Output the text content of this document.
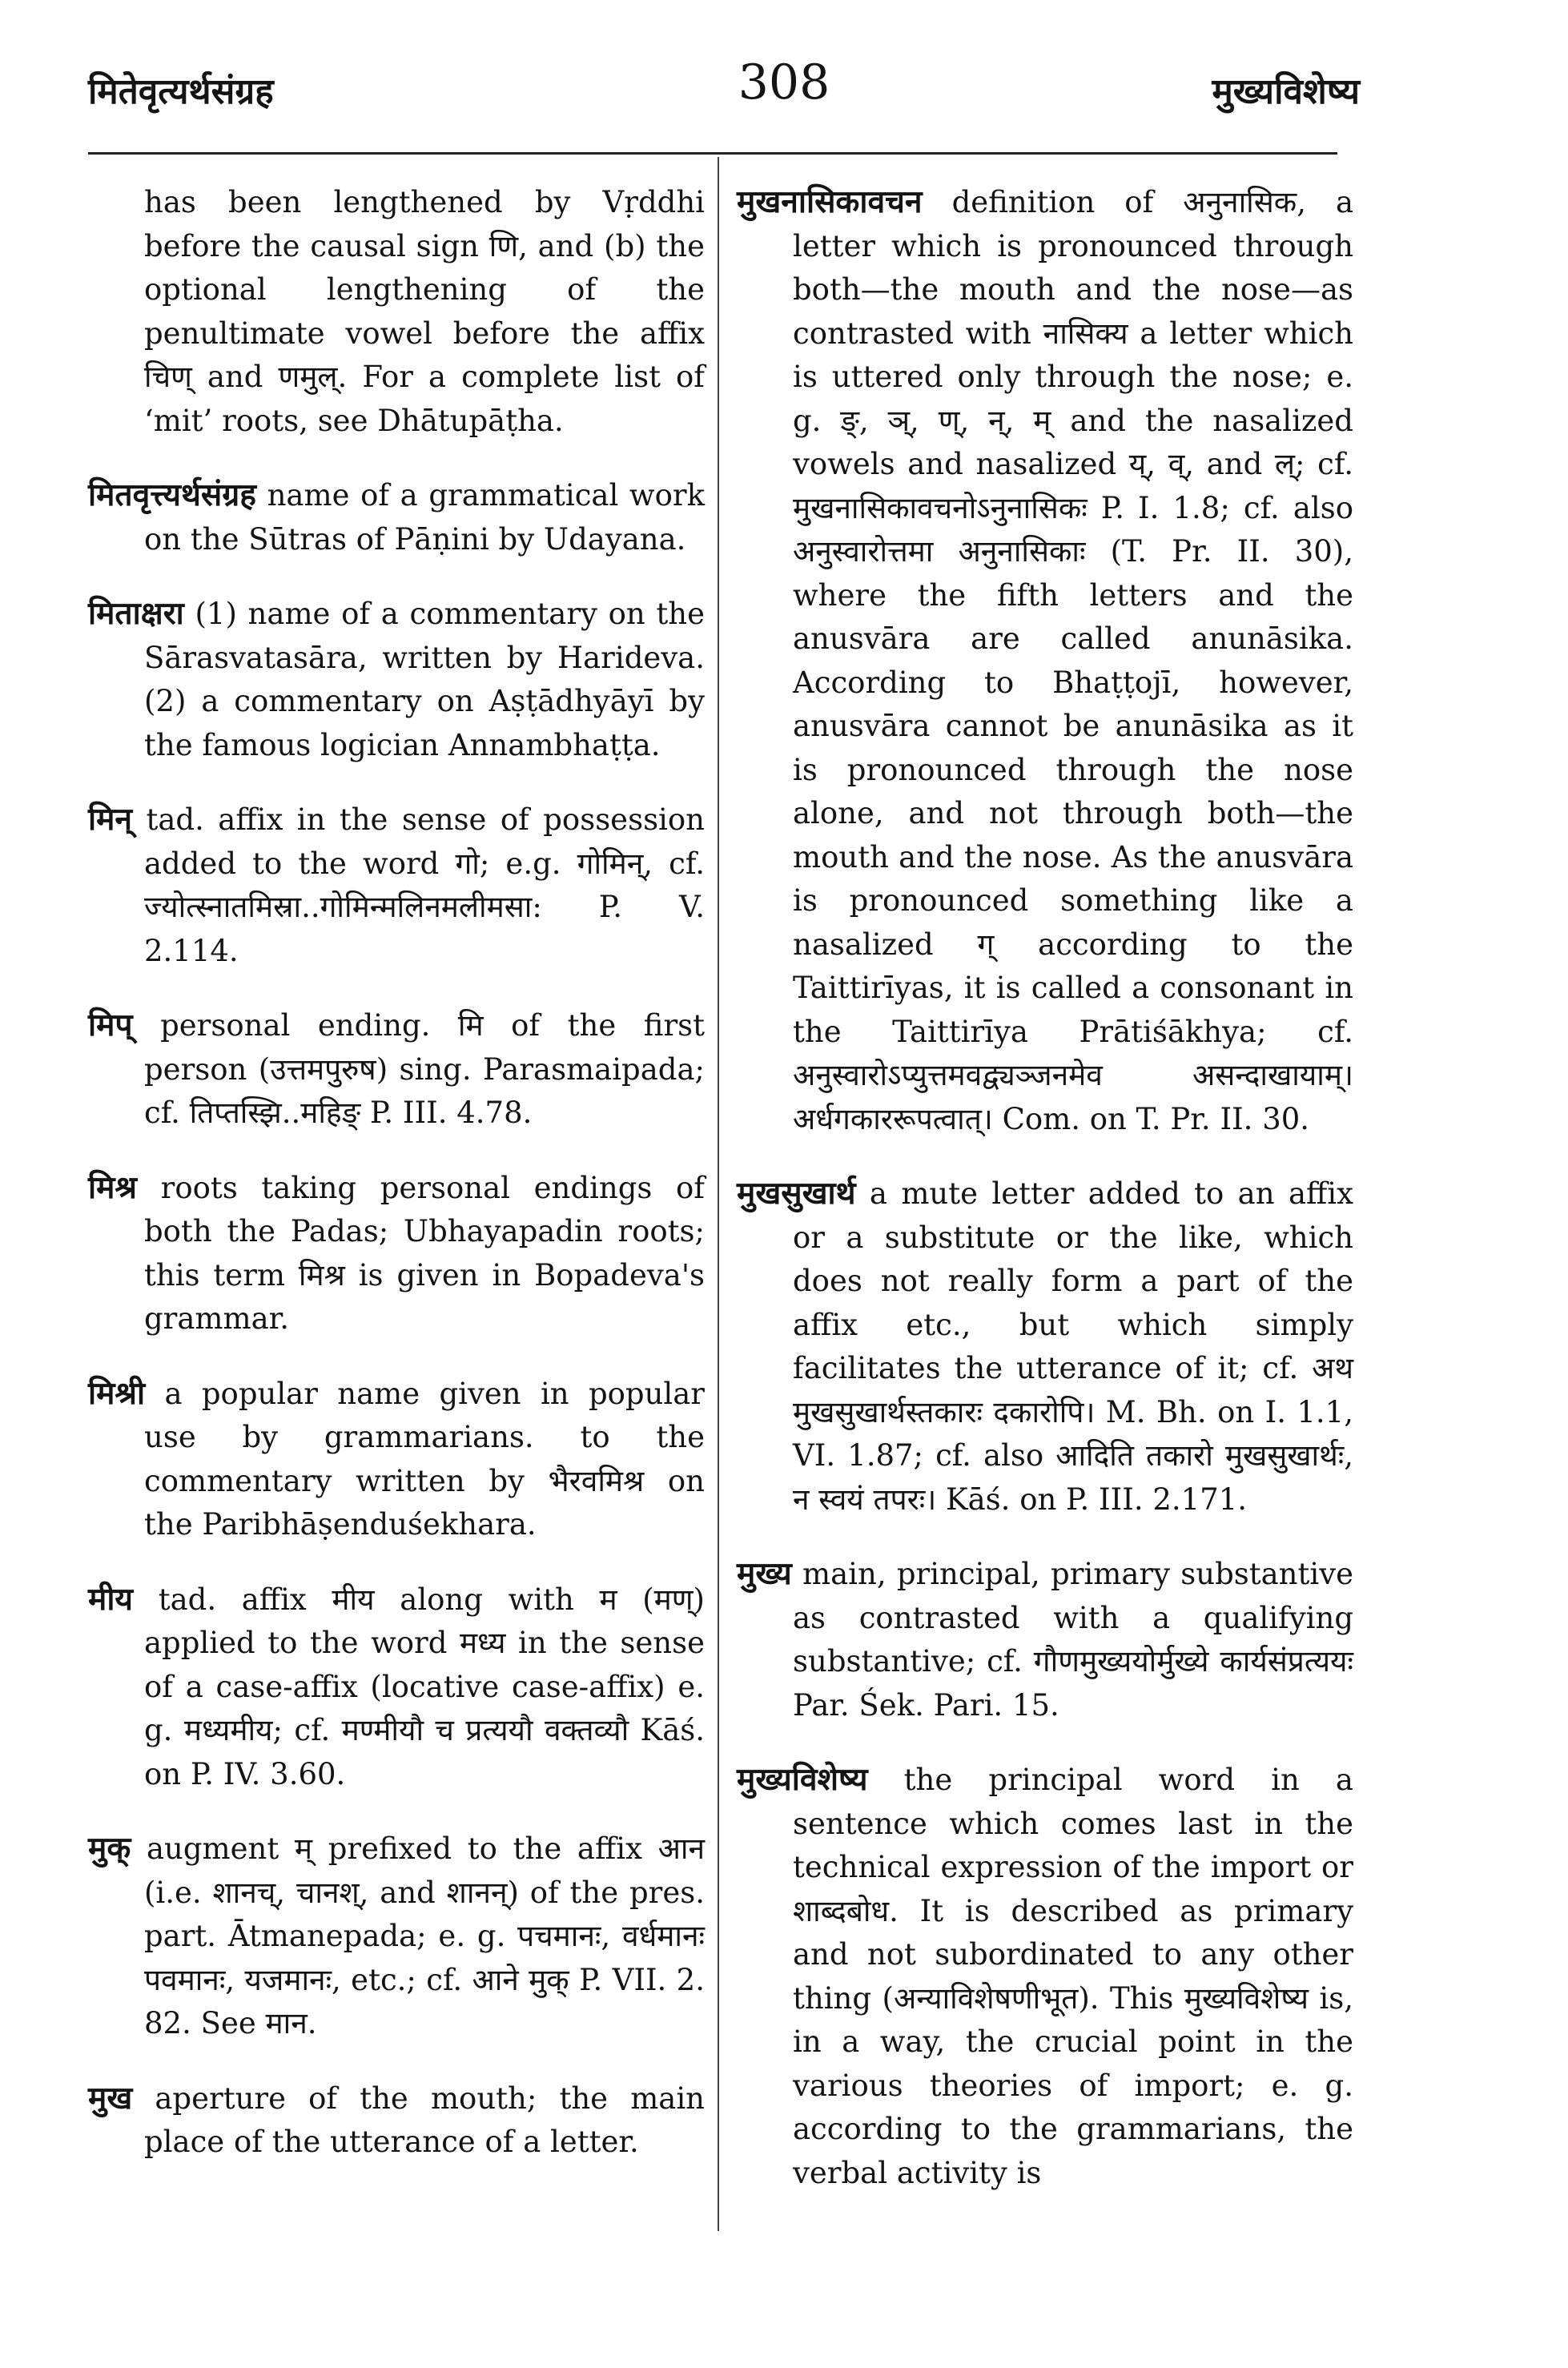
मितेवृत्यर्थसंग्रह	308	मुख्यविशेष्य

has been lengthened by Vṛddhi before the causal sign णि, and (b) the optional lengthening of the penultimate vowel before the affix चिण् and णमुल्. For a complete list of ‘mit’ roots, see Dhātupāṭha.

मितवृत्त्यर्थसंग्रह name of a grammatical work on the Sūtras of Pāṇini by Udayana.

मिताक्षरा (1) name of a commentary on the Sārasvatasāra, written by Harideva. (2) a commentary on Aṣṭādhyāyī by the famous logician Annambhaṭṭa.

मिन् tad. affix in the sense of possession added to the word गो; e.g. गोमिन्, cf. ज्योत्स्नातमिस्रा..गोमिन्मलिनमलीमसा: P. V. 2.114.

मिप् personal ending. मि of the first person (उत्तमपुरुष) sing. Parasmaipada; cf. तिप्तस्झि..महिङ् P. III. 4.78.

मिश्र roots taking personal endings of both the Padas; Ubhayapadin roots; this term मिश्र is given in Bopadeva's grammar.

मिश्री a popular name given in popular use by grammarians. to the commentary written by भैरवमिश्र on the Paribhāṣenduśekhara.

मीय tad. affix मीय along with म (मण्) applied to the word मध्य in the sense of a case-affix (locative case-affix) e. g. मध्यमीय; cf. मण्मीयौ च प्रत्ययौ वक्तव्यौ Kāś. on P. IV. 3.60.

मुक् augment म् prefixed to the affix आन (i.e. शानच्, चानश्, and शानन्) of the pres. part. Ātmanepada; e. g. पचमानः, वर्धमानः पवमानः, यजमानः, etc.; cf. आने मुक् P. VII. 2. 82. See मान.

मुख aperture of the mouth; the main place of the utterance of a letter.

मुखनासिकावचन definition of अनुनासिक, a letter which is pronounced through both—the mouth and the nose—as contrasted with नासिक्य a letter which is uttered only through the nose; e. g. ङ्, ञ्, ण्, न्, म् and the nasalized vowels and nasalized य्, व्, and ल्; cf. मुखनासिकावचनोऽनुनासिकः P. I. 1.8; cf. also अनुस्वारोत्तमा अनुनासिकाः (T. Pr. II. 30), where the fifth letters and the anusvāra are called anunāsika. According to Bhaṭṭojī, however, anusvāra cannot be anunāsika as it is pronounced through the nose alone, and not through both—the mouth and the nose. As the anusvāra is pronounced something like a nasalized ग् according to the Taittirīyas, it is called a consonant in the Taittirīya Prātiśākhya; cf. अनुस्वारोऽप्युत्तमवद्व्यञ्जनमेव असन्दाखायाम्। अर्धगकाररूपत्वात्। Com. on T. Pr. II. 30.

मुखसुखार्थ a mute letter added to an affix or a substitute or the like, which does not really form a part of the affix etc., but which simply facilitates the utterance of it; cf. अथ मुखसुखार्थस्तकारः दकारोपि। M. Bh. on I. 1.1, VI. 1.87; cf. also आदिति तकारो मुखसुखार्थः, न स्वयं तपरः। Kāś. on P. III. 2.171.

मुख्य main, principal, primary substantive as contrasted with a qualifying substantive; cf. गौणमुख्ययोर्मुख्ये कार्यसंप्रत्ययः Par. Śek. Pari. 15.

मुख्यविशेष्य the principal word in a sentence which comes last in the technical expression of the import or शाब्दबोध. It is described as primary and not subordinated to any other thing (अन्याविशेषणीभूत). This मुख्यविशेष्य is, in a way, the crucial point in the various theories of import; e. g. according to the grammarians, the verbal activity is
